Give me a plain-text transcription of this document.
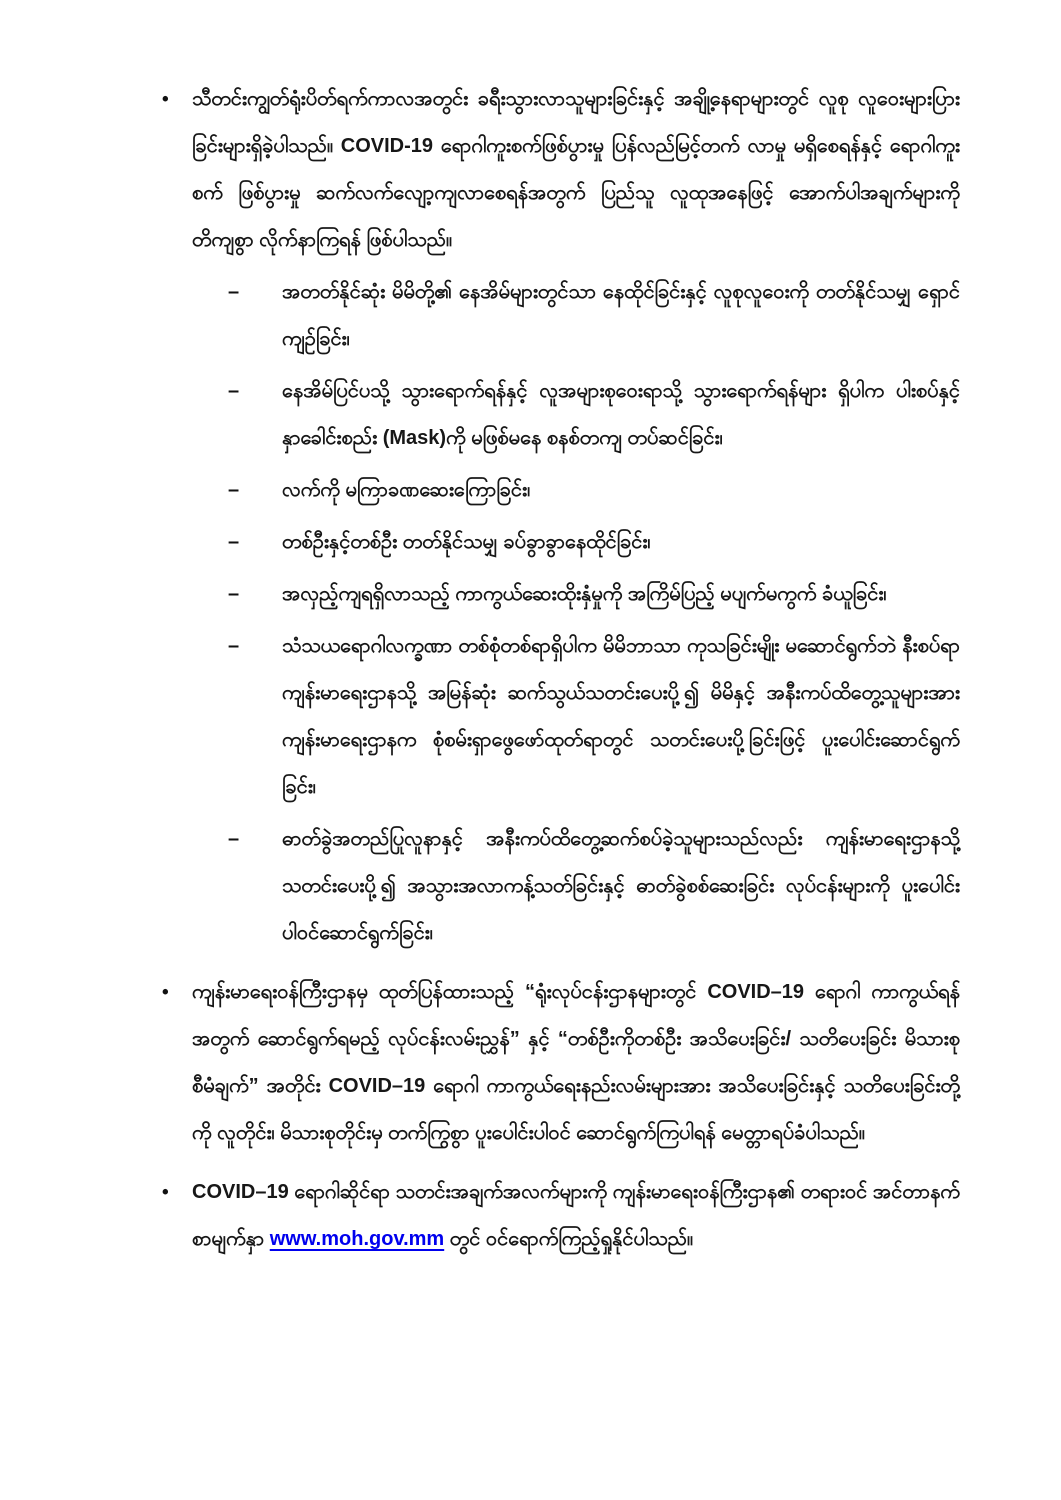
•	သီတင်းကျွတ်ရုံးပိတ်ရက်ကာလအတွင်း ခရီးသွားလာသူများခြင်းနှင့် အချို့နေရာများတွင် လူစု လူဝေးများပြားခြင်းများရှိခဲ့ပါသည်။ COVID-19 ရောဂါကူးစက်ဖြစ်ပွားမှု ပြန်လည်မြင့်တက် လာမှု မရှိစေရန်နှင့် ရောဂါကူးစက် ဖြစ်ပွားမှု ဆက်လက်လျော့ကျလာစေရန်အတွက် ပြည်သူ လူထုအနေဖြင့် အောက်ပါအချက်များကို တိကျစွာ လိုက်နာကြရန် ဖြစ်ပါသည်။

–	အတတ်နိုင်ဆုံး မိမိတို့၏ နေအိမ်များတွင်သာ နေထိုင်ခြင်းနှင့် လူစုလူဝေးကို တတ်နိုင်သမျှ ရှောင်ကျဉ်ခြင်း၊

–	နေအိမ်ပြင်ပသို့ သွားရောက်ရန်နှင့် လူအများစုဝေးရာသို့ သွားရောက်ရန်များ ရှိပါက ပါးစပ်နှင့်နှာခေါင်းစည်း (Mask)ကို မဖြစ်မနေ စနစ်တကျ တပ်ဆင်ခြင်း၊

–	လက်ကို မကြာခဏဆေးကြောခြင်း၊

–	တစ်ဦးနှင့်တစ်ဦး တတ်နိုင်သမျှ ခပ်ခွာခွာနေထိုင်ခြင်း၊

–	အလှည့်ကျရရှိလာသည့် ကာကွယ်ဆေးထိုးနှံမှုကို အကြိမ်ပြည့် မပျက်မကွက် ခံယူခြင်း၊

–	သံသယရောဂါလက္ခဏာ တစ်စုံတစ်ရာရှိပါက မိမိဘာသာ ကုသခြင်းမျိုး မဆောင်ရွက်ဘဲ နီးစပ်ရာ ကျန်းမာရေးဌာနသို့ အမြန်ဆုံး ဆက်သွယ်သတင်းပေးပို့၍ မိမိနှင့် အနီးကပ်ထိတွေ့သူများအား ကျန်းမာရေးဌာနက စုံစမ်းရှာဖွေဖော်ထုတ်ရာတွင် သတင်းပေးပို့ခြင်းဖြင့် ပူးပေါင်းဆောင်ရွက်ခြင်း၊

–	ဓာတ်ခွဲအတည်ပြုလူနာနှင့် အနီးကပ်ထိတွေ့ဆက်စပ်ခဲ့သူများသည်လည်း ကျန်းမာရေးဌာနသို့ သတင်းပေးပို့၍ အသွားအလာကန့်သတ်ခြင်းနှင့် ဓာတ်ခွဲစစ်ဆေးခြင်း လုပ်ငန်းများကို ပူးပေါင်းပါဝင်ဆောင်ရွက်ခြင်း၊

•	ကျန်းမာရေးဝန်ကြီးဌာနမှ ထုတ်ပြန်ထားသည့် “ရုံးလုပ်ငန်းဌာနများတွင် COVID–19 ရောဂါ ကာကွယ်ရန်အတွက် ဆောင်ရွက်ရမည့် လုပ်ငန်းလမ်းညွှန်” နှင့် “တစ်ဦးကိုတစ်ဦး အသိပေးခြင်း/ သတိပေးခြင်း မိသားစုစီမံချက်” အတိုင်း COVID–19 ရောဂါ ကာကွယ်ရေးနည်းလမ်းများအား အသိပေးခြင်းနှင့် သတိပေးခြင်းတို့ကို လူတိုင်း၊ မိသားစုတိုင်းမှ တက်ကြွစွာ ပူးပေါင်းပါဝင် ဆောင်ရွက်ကြပါရန် မေတ္တာရပ်ခံပါသည်။

•	COVID–19 ရောဂါဆိုင်ရာ သတင်းအချက်အလက်များကို ကျန်းမာရေးဝန်ကြီးဌာန၏ တရားဝင် အင်တာနက်စာမျက်နှာ www.moh.gov.mm တွင် ဝင်ရောက်ကြည့်ရှုနိုင်ပါသည်။
